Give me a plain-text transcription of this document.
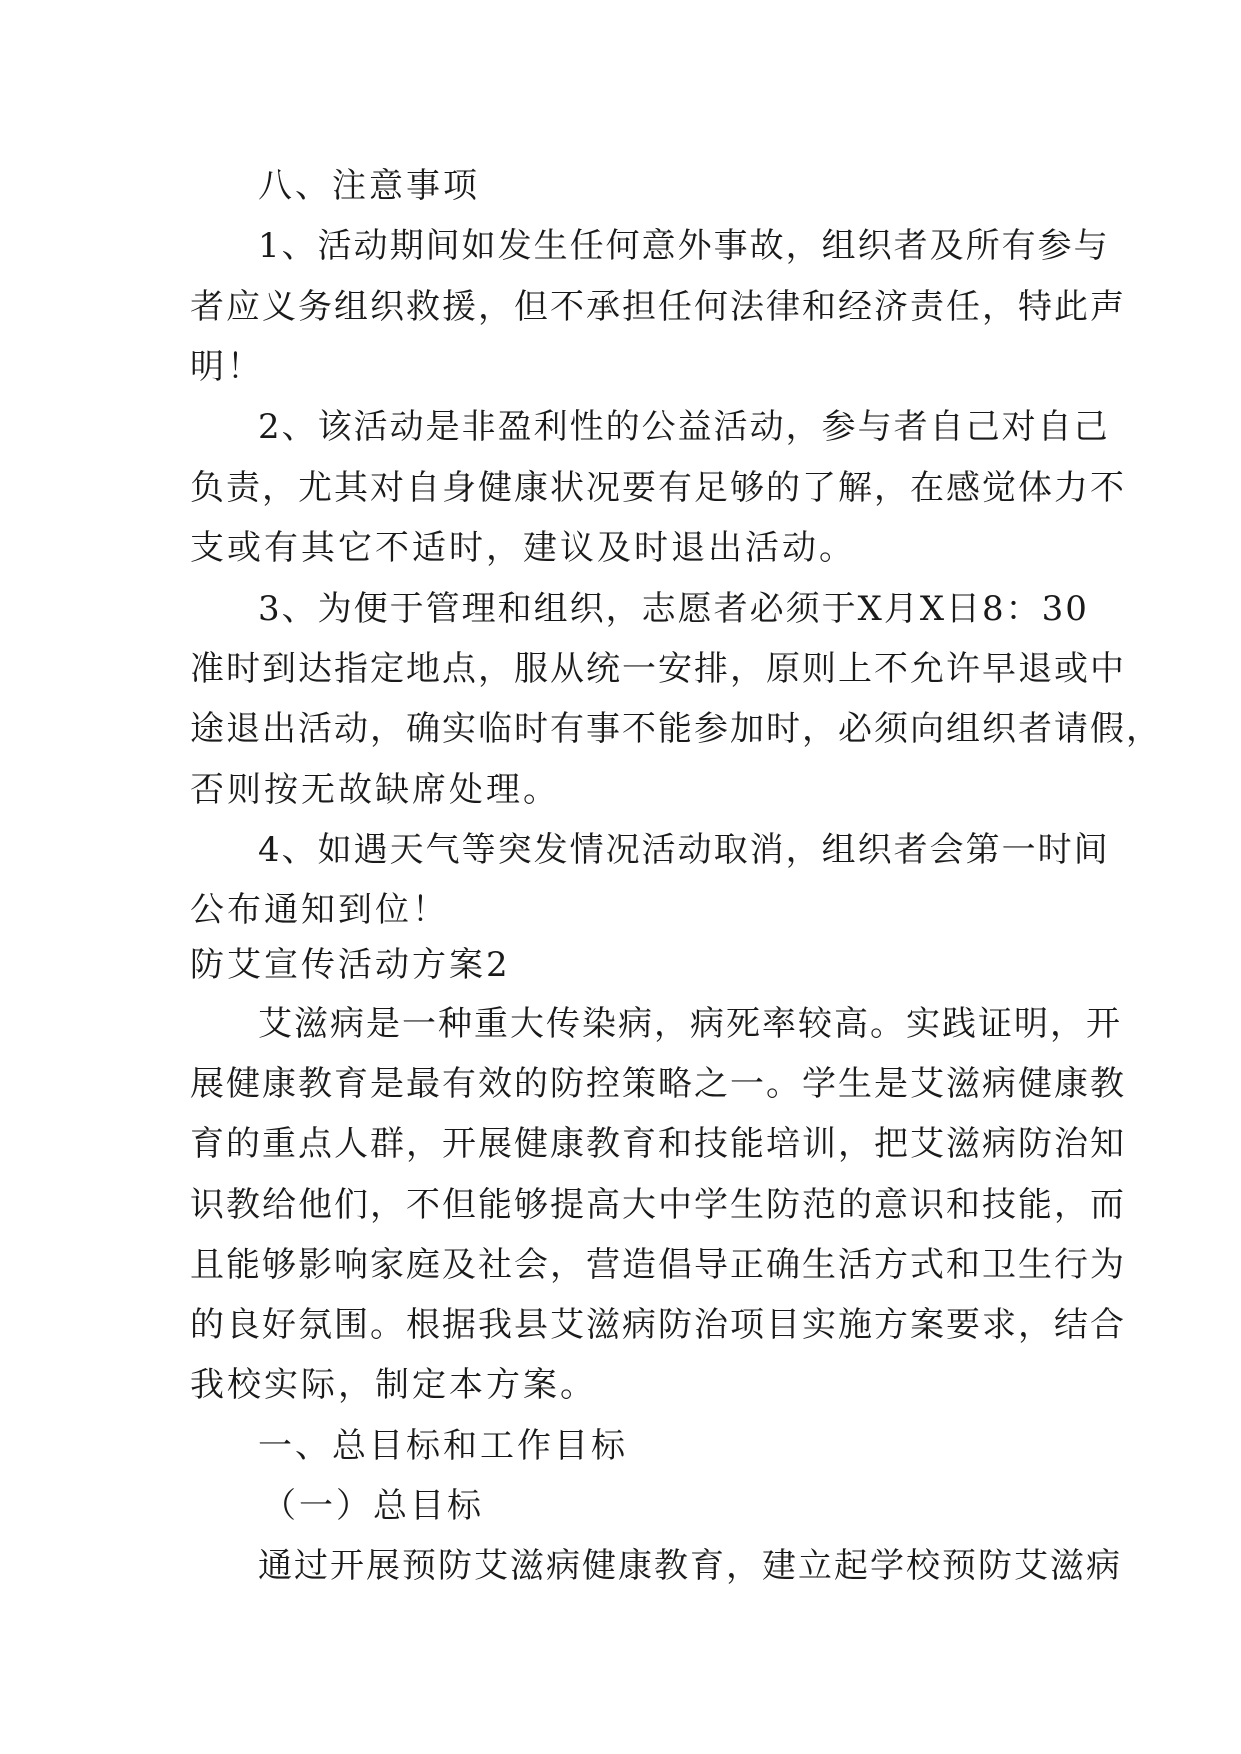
八、注意事项
1、活动期间如发生任何意外事故，组织者及所有参与
者应义务组织救援，但不承担任何法律和经济责任，特此声
明！
2、该活动是非盈利性的公益活动，参与者自己对自己
负责，尤其对自身健康状况要有足够的了解，在感觉体力不
支或有其它不适时，建议及时退出活动。
3、为便于管理和组织，志愿者必须于X月X日8：30
准时到达指定地点，服从统一安排，原则上不允许早退或中
途退出活动，确实临时有事不能参加时，必须向组织者请假，
否则按无故缺席处理。
4、如遇天气等突发情况活动取消，组织者会第一时间
公布通知到位！
防艾宣传活动方案2
艾滋病是一种重大传染病，病死率较高。实践证明，开
展健康教育是最有效的防控策略之一。学生是艾滋病健康教
育的重点人群，开展健康教育和技能培训，把艾滋病防治知
识教给他们，不但能够提高大中学生防范的意识和技能，而
且能够影响家庭及社会，营造倡导正确生活方式和卫生行为
的良好氛围。根据我县艾滋病防治项目实施方案要求，结合
我校实际，制定本方案。
一、总目标和工作目标
（一）总目标
通过开展预防艾滋病健康教育，建立起学校预防艾滋病
